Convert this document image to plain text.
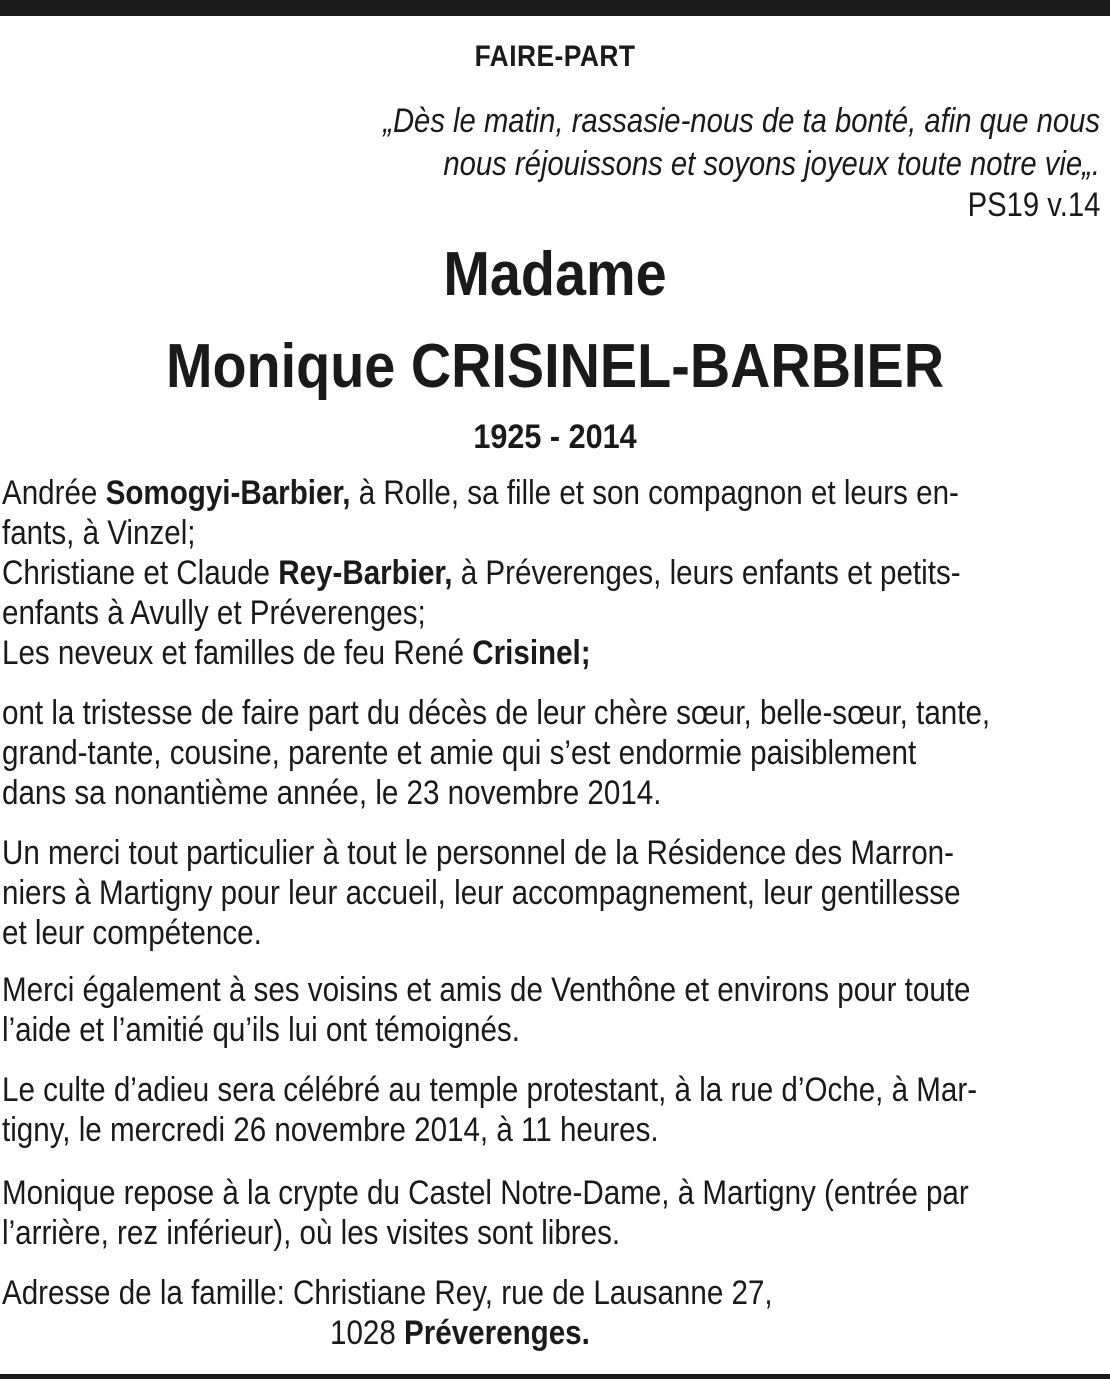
FAIRE-PART
„Dès le matin, rassasie-nous de ta bonté, afin que nous
nous réjouissons et soyons joyeux toute notre vie„.
PS19 v.14
Madame
Monique CRISINEL-BARBIER
1925 - 2014
Andrée Somogyi-Barbier, à Rolle, sa fille et son compagnon et leurs en-
fants, à Vinzel;
Christiane et Claude Rey-Barbier, à Préverenges, leurs enfants et petits-
enfants à Avully et Préverenges;
Les neveux et familles de feu René Crisinel;
ont la tristesse de faire part du décès de leur chère sœur, belle-sœur, tante,
grand-tante, cousine, parente et amie qui s’est endormie paisiblement
dans sa nonantième année, le 23 novembre 2014.
Un merci tout particulier à tout le personnel de la Résidence des Marron-
niers à Martigny pour leur accueil, leur accompagnement, leur gentillesse
et leur compétence.
Merci également à ses voisins et amis de Venthône et environs pour toute
l’aide et l’amitié qu’ils lui ont témoignés.
Le culte d’adieu sera célébré au temple protestant, à la rue d’Oche, à Mar-
tigny, le mercredi 26 novembre 2014, à 11 heures.
Monique repose à la crypte du Castel Notre-Dame, à Martigny (entrée par
l’arrière, rez inférieur), où les visites sont libres.
Adresse de la famille: Christiane Rey, rue de Lausanne 27,
1028 Préverenges.
